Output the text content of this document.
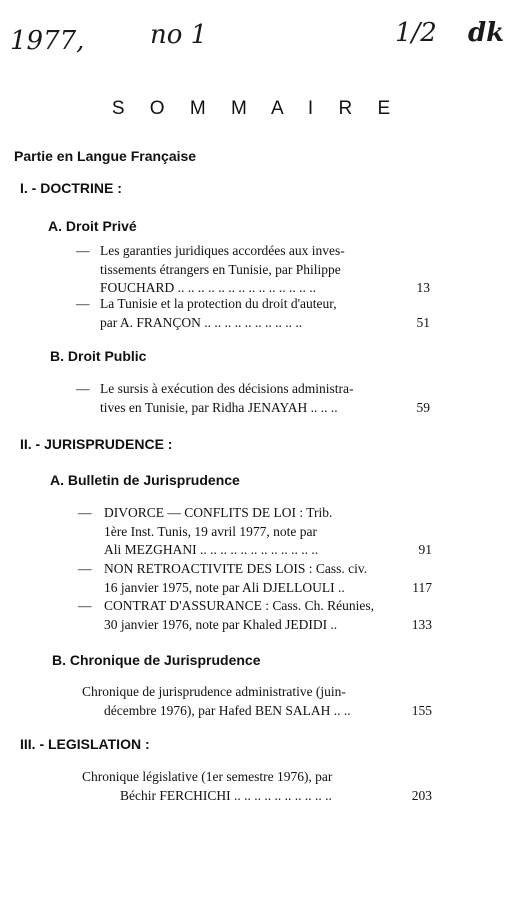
1977,	no 1	1/2 dk
S O M M A I R E
Partie en Langue Française
I. - DOCTRINE :
A. Droit Privé
— Les garanties juridiques accordées aux inves-
tissements étrangers en Tunisie, par Philippe
FOUCHARD .. .. .. .. .. .. .. .. .. .. .. .. .. ..	13
— La Tunisie et la protection du droit d'auteur,
par A. FRANÇON .. .. .. .. .. .. .. .. .. ..	51
B. Droit Public
— Le sursis à exécution des décisions administra-
tives en Tunisie, par Ridha JENAYAH .. .. ..	59
II. - JURISPRUDENCE :
A. Bulletin de Jurisprudence
— DIVORCE — CONFLITS DE LOI : Trib.
1ère Inst. Tunis, 19 avril 1977, note par
Ali MEZGHANI .. .. .. .. .. .. .. .. .. .. .. ..	91
— NON RETROACTIVITE DES LOIS : Cass. civ.
16 janvier 1975, note par Ali DJELLOULI ..	117
— CONTRAT D'ASSURANCE : Cass. Ch. Réunies,
30 janvier 1976, note par Khaled JEDIDI ..	133
B. Chronique de Jurisprudence
Chronique de jurisprudence administrative (juin-
décembre 1976), par Hafed BEN SALAH .. ..	155
III. - LEGISLATION :
Chronique législative (1er semestre 1976), par
Béchir FERCHICHI .. .. .. .. .. .. .. .. .. ..	203
